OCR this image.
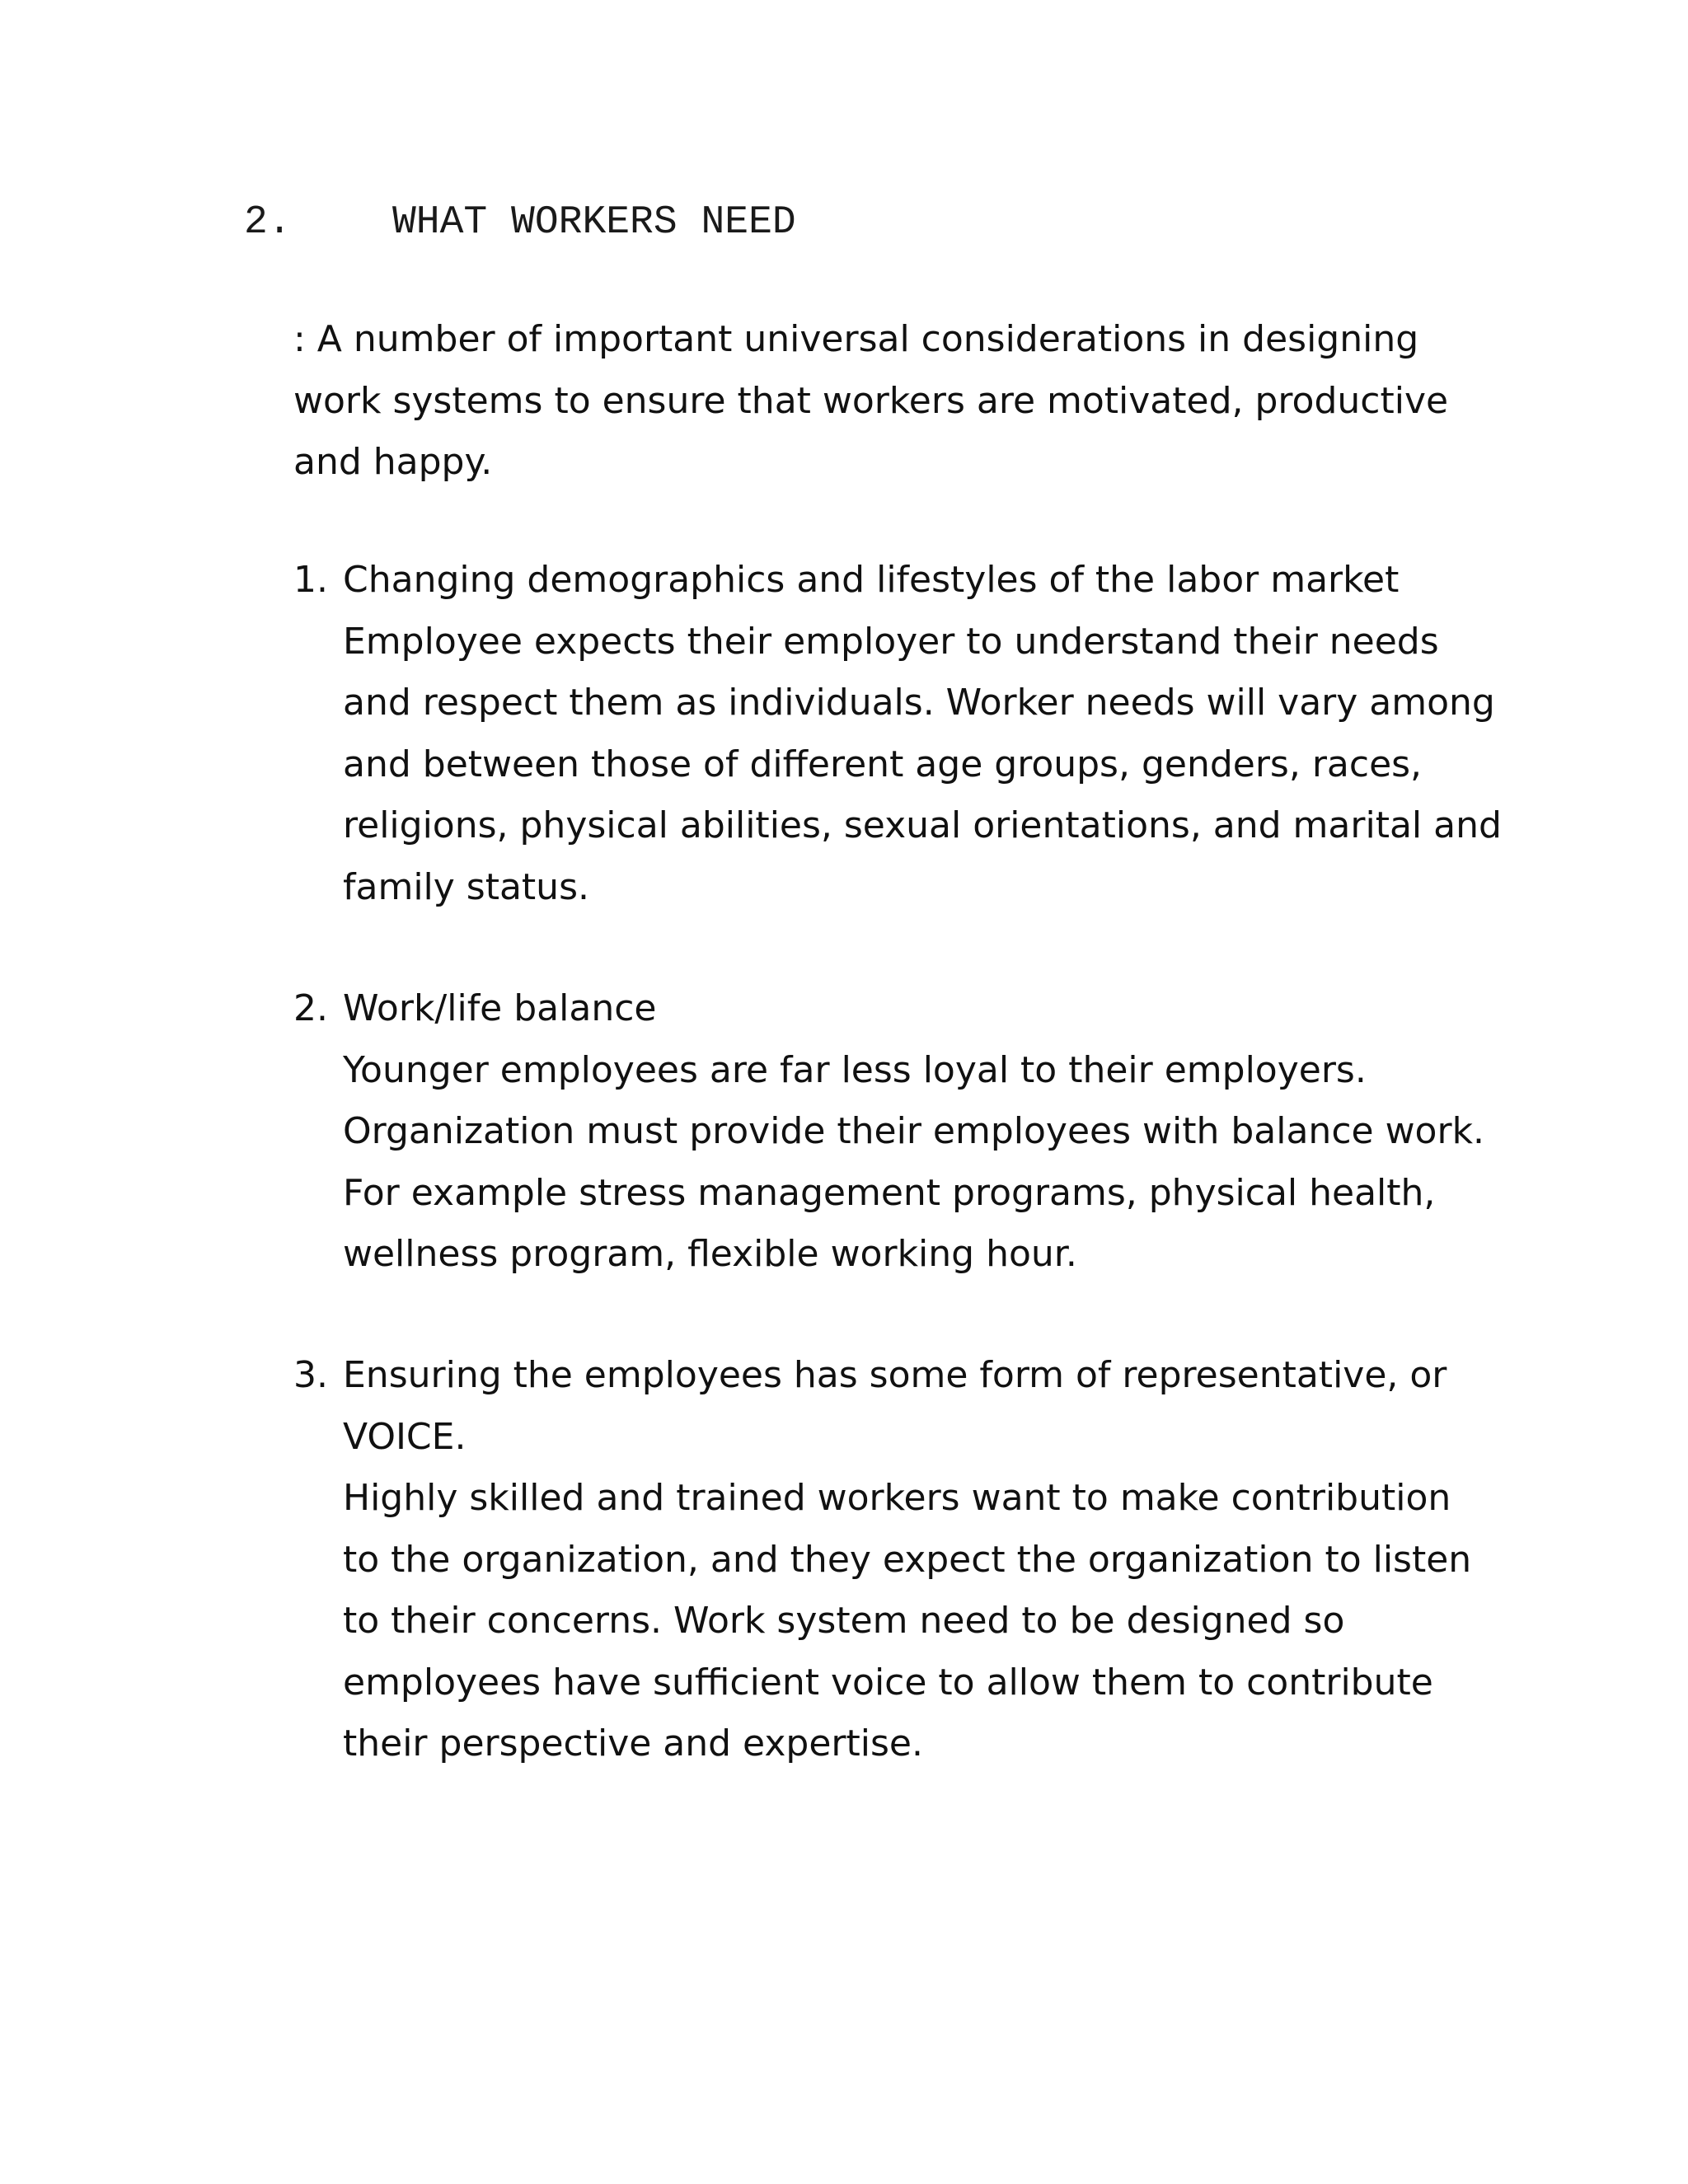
2.	WHAT WORKERS NEED
: A number of important universal considerations in designing
work systems to ensure that workers are motivated, productive
and happy.
1. Changing demographics and lifestyles of the labor market
Employee expects their employer to understand their needs
and respect them as individuals. Worker needs will vary among
and between those of different age groups, genders, races,
religions, physical abilities, sexual orientations, and marital and
family status.
2. Work/life balance
Younger employees are far less loyal to their employers.
Organization must provide their employees with balance work.
For example stress management programs, physical health,
wellness program, flexible working hour.
3. Ensuring the employees has some form of representative, or
VOICE.
Highly skilled and trained workers want to make contribution
to the organization, and they expect the organization to listen
to their concerns. Work system need to be designed so
employees have sufficient voice to allow them to contribute
their perspective and expertise.
